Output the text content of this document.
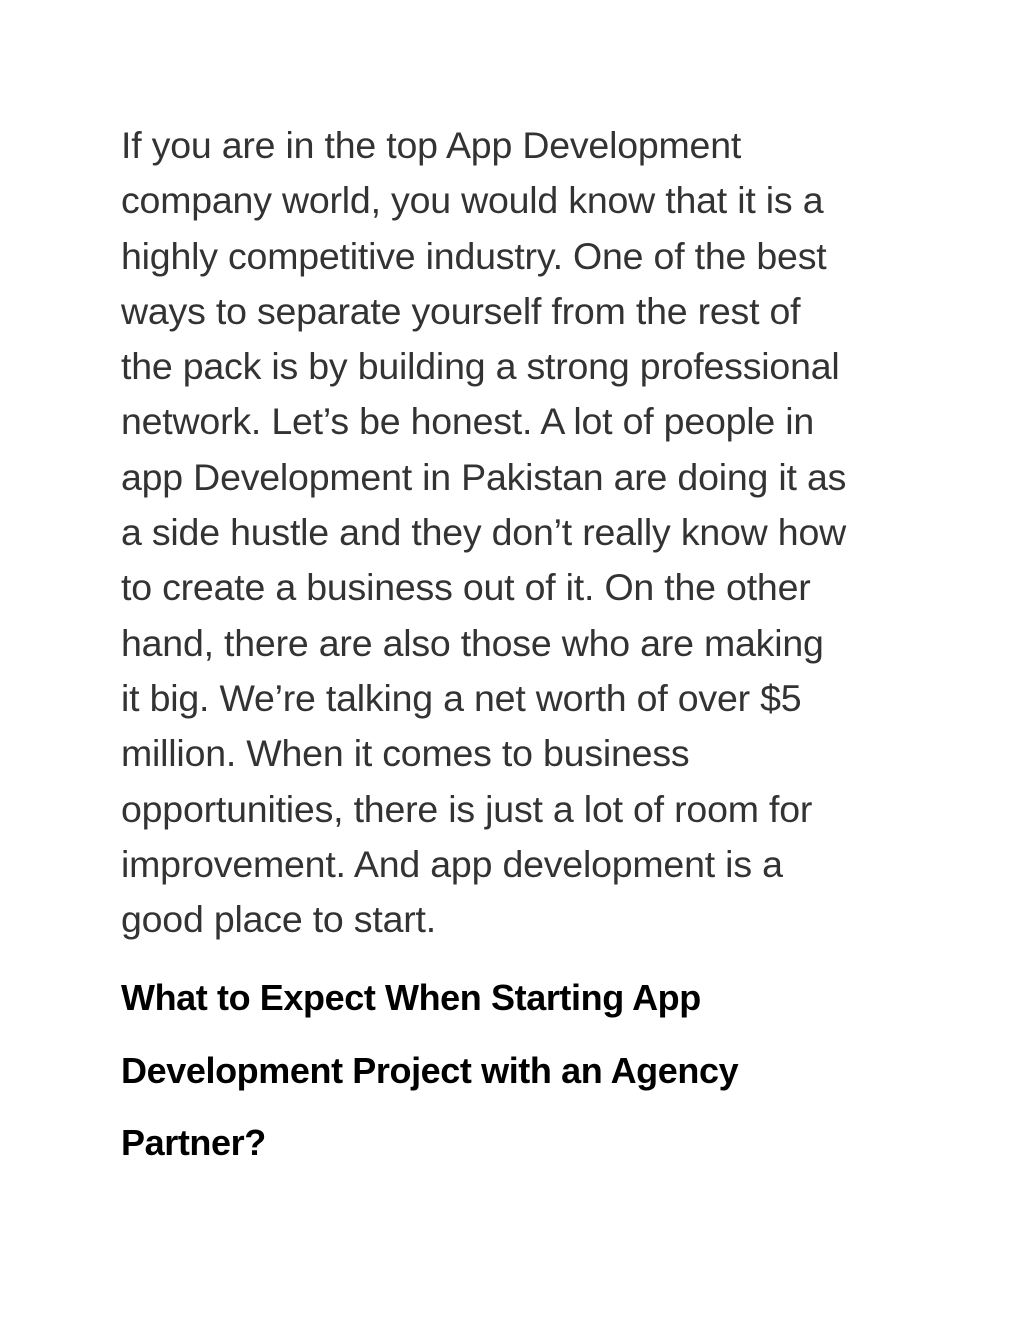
If you are in the top App Development
company world, you would know that it is a
highly competitive industry. One of the best
ways to separate yourself from the rest of
the pack is by building a strong professional
network. Let’s be honest. A lot of people in
app Development in Pakistan are doing it as
a side hustle and they don’t really know how
to create a business out of it. On the other
hand, there are also those who are making
it big. We’re talking a net worth of over $5
million. When it comes to business
opportunities, there is just a lot of room for
improvement. And app development is a
good place to start.

What to Expect When Starting App
Development Project with an Agency
Partner?
